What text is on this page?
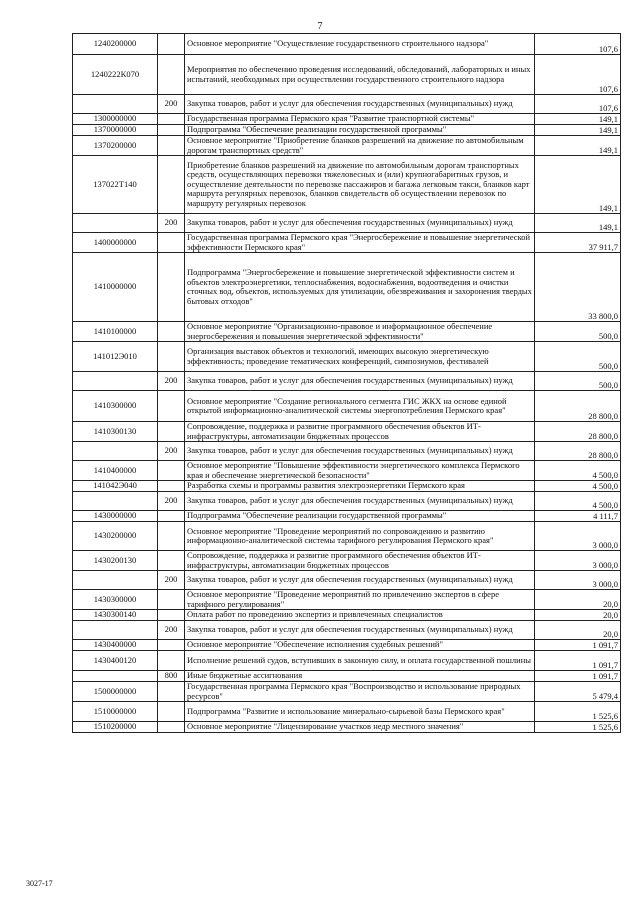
7
1240200000		Основное мероприятие "Осуществление государственного строительного надзора"	107,6
1240222К070		Мероприятия по обеспечению проведения исследований, обследований, лабораторных и иных испытаний, необходимых при осуществлении государственного строительного надзора	107,6
	200	Закупка товаров, работ и услуг для обеспечения государственных (муниципальных) нужд	107,6
1300000000		Государственная программа Пермского края "Развитие транспортной системы"	149,1
1370000000		Подпрограмма "Обеспечение реализации государственной программы"	149,1
1370200000		Основное мероприятие "Приобретение бланков разрешений на движение по автомобильным дорогам транспортных средств"	149,1
137022Т140		Приобретение бланков разрешений на движение по автомобильным дорогам транспортных средств, осуществляющих перевозки тяжеловесных и (или) крупногабаритных грузов, и осуществление деятельности по перевозке пассажиров и багажа легковым такси, бланков карт маршрута регулярных перевозок, бланков свидетельств об осуществлении перевозок по маршруту регулярных перевозок	149,1
	200	Закупка товаров, работ и услуг для обеспечения государственных (муниципальных) нужд	149,1
1400000000		Государственная программа Пермского края "Энергосбережение и повышение энергетической эффективности Пермского края"	37 911,7
1410000000		Подпрограмма "Энергосбережение и повышение энергетической эффективности систем и объектов электроэнергетики, теплоснабжения, водоснабжения, водоотведения и очистки сточных вод, объектов, используемых для утилизации, обезвреживания и захоронения твердых бытовых отходов"	33 800,0
1410100000		Основное мероприятие "Организационно-правовое и информационное обеспечение энергосбережения и повышения энергетической эффективности"	500,0
141012Э010		Организация выставок объектов и технологий, имеющих высокую энергетическую эффективность; проведение тематических конференций, симпозиумов, фестивалей	500,0
	200	Закупка товаров, работ и услуг для обеспечения государственных (муниципальных) нужд	500,0
1410300000		Основное мероприятие "Создание регионального сегмента ГИС ЖКХ на основе единой открытой информационно-аналитической системы энергопотребления Пермского края"	28 800,0
1410300130		Сопровождение, поддержка и развитие программного обеспечения объектов ИТ-инфраструктуры, автоматизации бюджетных процессов	28 800,0
	200	Закупка товаров, работ и услуг для обеспечения государственных (муниципальных) нужд	28 800,0
1410400000		Основное мероприятие "Повышение эффективности энергетического комплекса Пермского края и обеспечение энергетической безопасности"	4 500,0
141042Э040		Разработка схемы и программы развития электроэнергетики Пермского края	4 500,0
	200	Закупка товаров, работ и услуг для обеспечения государственных (муниципальных) нужд	4 500,0
1430000000		Подпрограмма "Обеспечение реализации государственной программы"	4 111,7
1430200000		Основное мероприятие "Проведение мероприятий по сопровождению и развитию информационно-аналитической системы тарифного регулирования Пермского края"	3 000,0
1430200130		Сопровождение, поддержка и развитие программного обеспечения объектов ИТ-инфраструктуры, автоматизации бюджетных процессов	3 000,0
	200	Закупка товаров, работ и услуг для обеспечения государственных (муниципальных) нужд	3 000,0
1430300000		Основное мероприятие "Проведение мероприятий по привлечению экспертов в сфере тарифного регулирования"	20,0
1430300140		Оплата работ по проведению экспертиз и привлеченных специалистов	20,0
	200	Закупка товаров, работ и услуг для обеспечения государственных (муниципальных) нужд	20,0
1430400000		Основное мероприятие "Обеспечение исполнения судебных решений"	1 091,7
1430400120		Исполнение решений судов, вступивших в законную силу, и оплата государственной пошлины	1 091,7
	800	Иные бюджетные ассигнования	1 091,7
1500000000		Государственная программа Пермского края "Воспроизводство и использование природных ресурсов"	5 479,4
1510000000		Подпрограмма "Развитие и использование минерально-сырьевой базы Пермского края"	1 525,6
1510200000		Основное мероприятие "Лицензирование участков недр местного значения"	1 525,6
3027-17
